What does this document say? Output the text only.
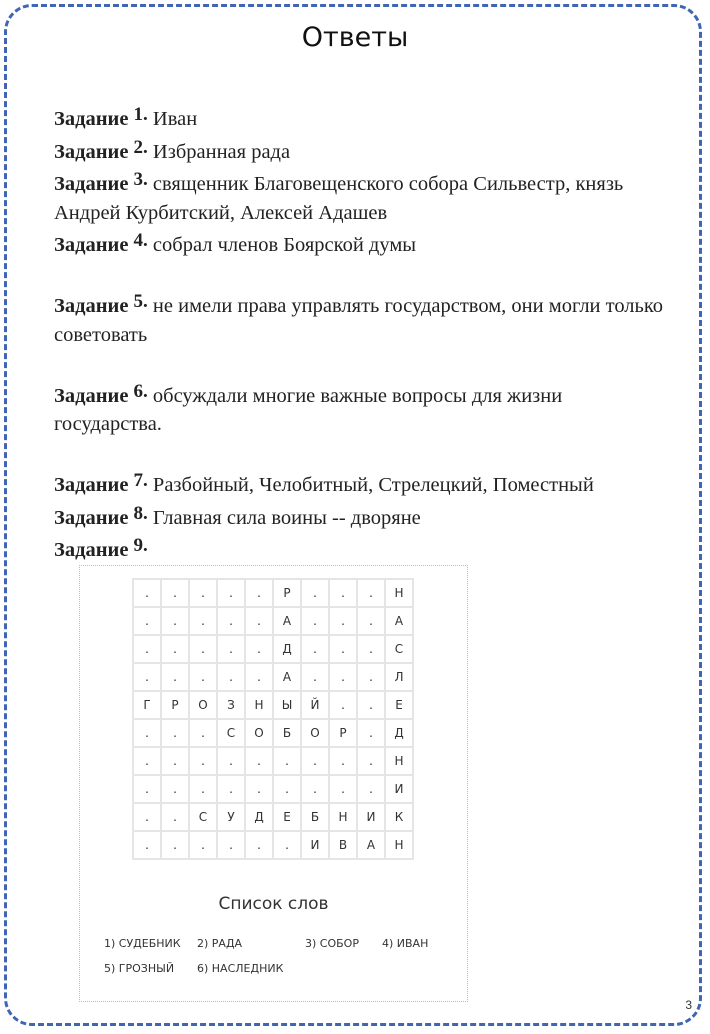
Ответы

Задание 1. Иван

Задание 2. Избранная рада

Задание 3. священник Благовещенского собора Сильвестр, князь Андрей Курбитский, Алексей Адашев

Задание 4. собрал членов Боярской думы

Задание 5. не имели права управлять государством, они могли только советовать

Задание 6. обсуждали многие важные вопросы для жизни государства.

Задание 7. Разбойный, Челобитный, Стрелецкий, Поместный

Задание 8. Главная сила воины -- дворяне

Задание 9.

.	.	.	.	.	Р	.	.	.	Н
.	.	.	.	.	А	.	.	.	А
.	.	.	.	.	Д	.	.	.	С
.	.	.	.	.	А	.	.	.	Л
Г	Р	О	З	Н	Ы	Й	.	.	Е
.	.	.	С	О	Б	О	Р	.	Д
.	.	.	.	.	.	.	.	.	Н
.	.	.	.	.	.	.	.	.	И
.	.	С	У	Д	Е	Б	Н	И	К
.	.	.	.	.	.	И	В	А	Н
Список слов
1) СУДЕБНИК 2) РАДА	3) СОБОР 4) ИВАН
5) ГРОЗНЫЙ 6) НАСЛЕДНИК
3
